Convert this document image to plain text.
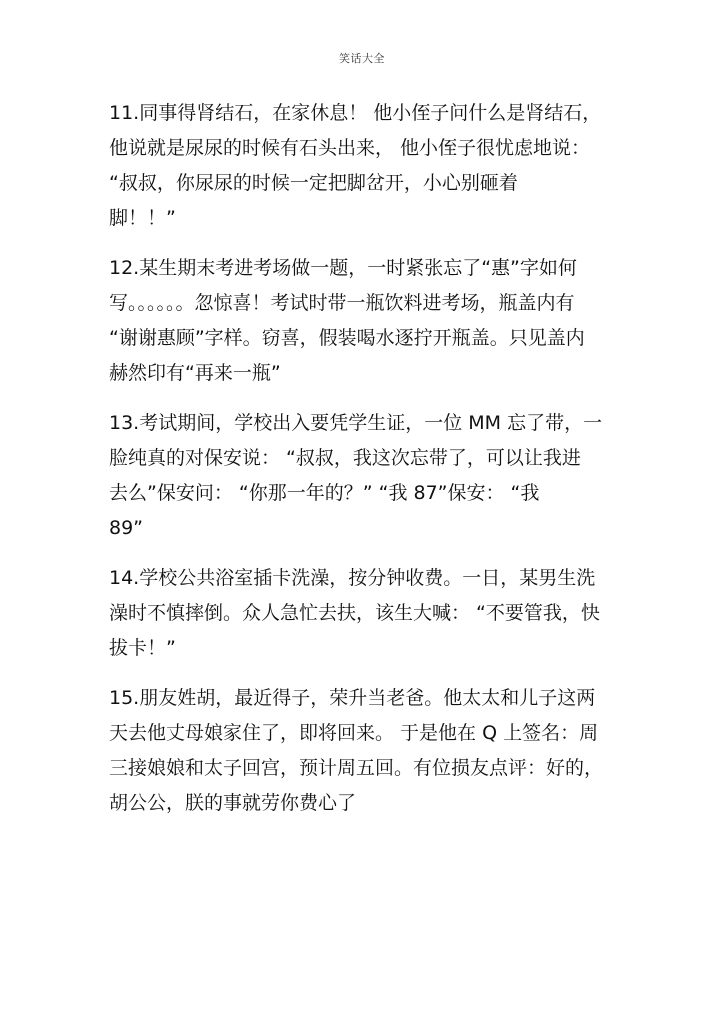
笑话大全

11.同事得肾结石，在家休息！ 他小侄子问什么是肾结石，
他说就是尿尿的时候有石头出来， 他小侄子很忧虑地说：
“叔叔，你尿尿的时候一定把脚岔开，小心别砸着
脚！！”

12.某生期末考进考场做一题，一时紧张忘了“惠”字如何
写。。。。。。忽惊喜！考试时带一瓶饮料进考场，瓶盖内有
“谢谢惠顾”字样。窃喜，假装喝水逐拧开瓶盖。只见盖内
赫然印有“再来一瓶”

13.考试期间，学校出入要凭学生证，一位 MM 忘了带，一
脸纯真的对保安说： “叔叔，我这次忘带了，可以让我进
去么”保安问： “你那一年的？” “我 87”保安： “我
89”

14.学校公共浴室插卡洗澡，按分钟收费。一日，某男生洗
澡时不慎摔倒。众人急忙去扶，该生大喊： “不要管我，快
拔卡！”

15.朋友姓胡，最近得子，荣升当老爸。他太太和儿子这两
天去他丈母娘家住了，即将回来。 于是他在 Q 上签名：周
三接娘娘和太子回宫，预计周五回。有位损友点评：好的，
胡公公，朕的事就劳你费心了
